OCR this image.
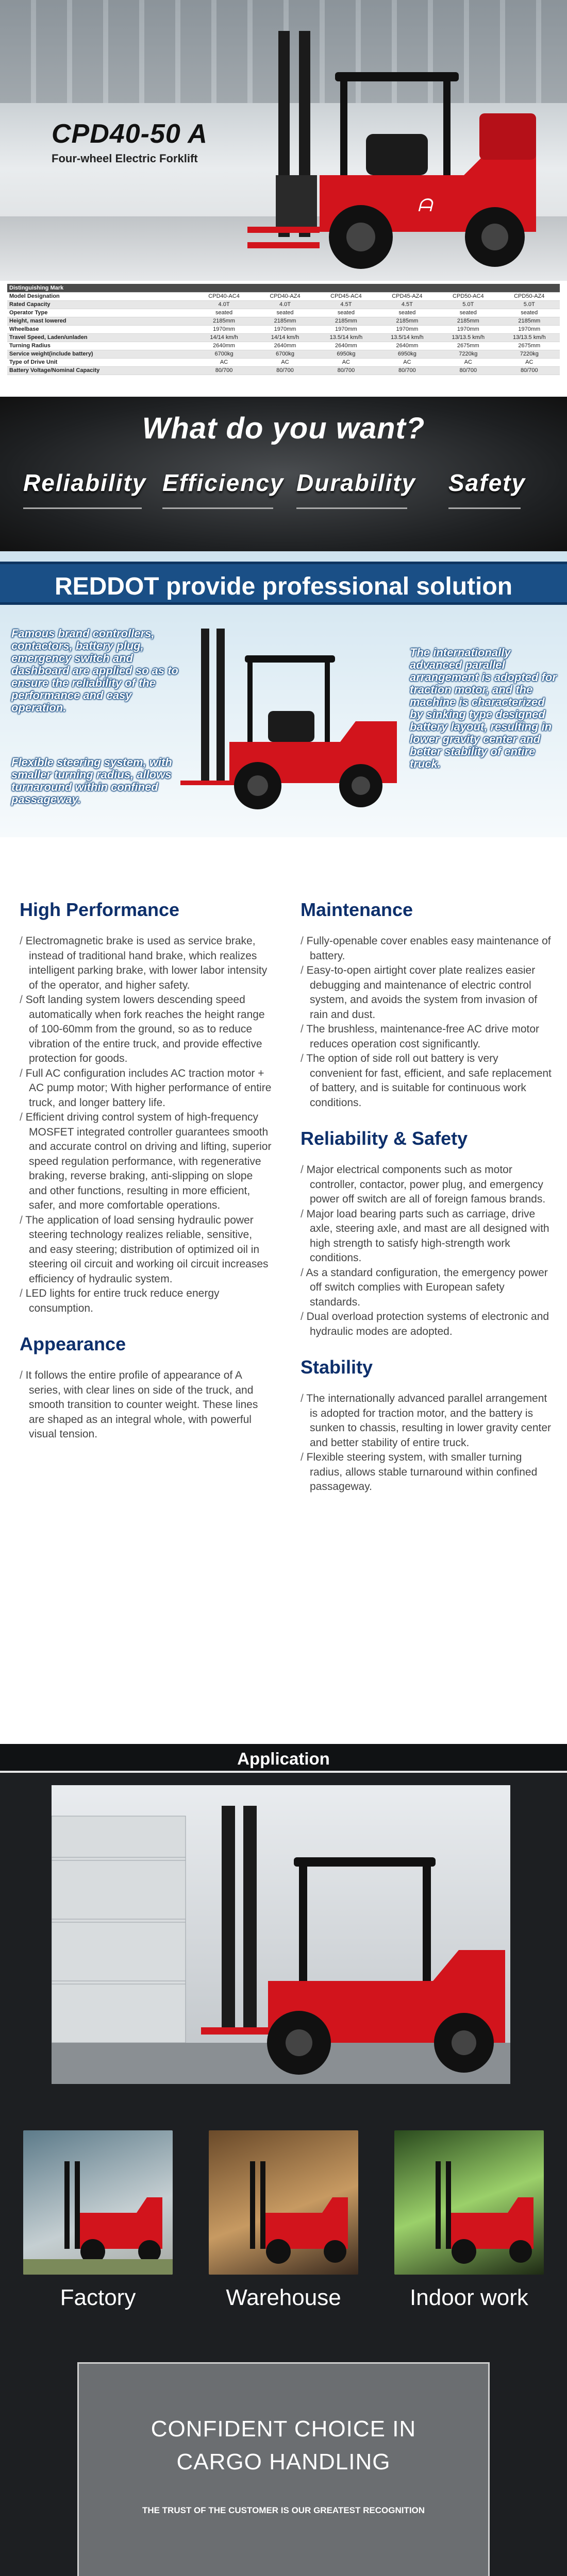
CPD40-50 A
Four-wheel Electric Forklift
ᗩ
Distinguishing Mark						
Model Designation	CPD40-AC4	CPD40-AZ4	CPD45-AC4	CPD45-AZ4	CPD50-AC4	CPD50-AZ4
Rated Capacity	4.0T	4.0T	4.5T	4.5T	5.0T	5.0T
Operator Type	seated	seated	seated	seated	seated	seated
Height, mast lowered	2185mm	2185mm	2185mm	2185mm	2185mm	2185mm
Wheelbase	1970mm	1970mm	1970mm	1970mm	1970mm	1970mm
Travel Speed, Laden/unladen	14/14 km/h	14/14 km/h	13.5/14 km/h	13.5/14 km/h	13/13.5 km/h	13/13.5 km/h
Turning Radius	2640mm	2640mm	2640mm	2640mm	2675mm	2675mm
Service weight(include battery)	6700kg	6700kg	6950kg	6950kg	7220kg	7220kg
Type of Drive Unit	AC	AC	AC	AC	AC	AC
Battery Voltage/Nominal Capacity	80/700	80/700	80/700	80/700	80/700	80/700
What do you want?
Reliability Efficiency Durability Safety
REDDOT provide professional solution
Famous brand controllers, contactors, battery plug, emergency switch and dashboard are applied so as to ensure the reliability of the performance and easy operation.
Flexible steering system, with smaller turning radius, allows turnaround within confined passageway.
The internationally advanced parallel arrangement is adopted for traction motor, and the machine is characterized by sinking type designed battery layout, resulting in lower gravity center and better stability of entire truck.
High Performance
/ Electromagnetic brake is used as service brake, instead of traditional hand brake, which realizes intelligent parking brake, with lower labor intensity of the operator, and higher safety.
/ Soft landing system lowers descending speed automatically when fork reaches the height range of 100-60mm from the ground, so as to reduce vibration of the entire truck, and provide effective protection for goods.
/ Full AC configuration includes AC traction motor + AC pump motor; With higher performance of entire truck, and longer battery life.
/ Efficient driving control system of high-frequency MOSFET integrated controller guarantees smooth and accurate control on driving and lifting, superior speed regulation performance, with regenerative braking, reverse braking, anti-slipping on slope and other functions, resulting in more efficient, safer, and more comfortable operations.
/ The application of load sensing hydraulic power steering technology realizes reliable, sensitive, and easy steering; distribution of optimized oil in steering oil circuit and working oil circuit increases efficiency of hydraulic system.
/ LED lights for entire truck reduce energy consumption.
Appearance
/ It follows the entire profile of appearance of A series, with clear lines on side of the truck, and smooth transition to counter weight. These lines are shaped as an integral whole, with powerful visual tension.
Maintenance
/ Fully-openable cover enables easy maintenance of battery.
/ Easy-to-open airtight cover plate realizes easier debugging and maintenance of electric control system, and avoids the system from invasion of rain and dust.
/ The brushless, maintenance-free AC drive motor reduces operation cost significantly.
/ The option of side roll out battery is very convenient for fast, efficient, and safe replacement of battery, and is suitable for continuous work conditions.
Reliability & Safety
/ Major electrical components such as motor controller, contactor, power plug, and emergency power off switch are all of foreign famous brands.
/ Major load bearing parts such as carriage, drive axle, steering axle, and mast are all designed with high strength to satisfy high-strength work conditions.
/ As a standard configuration, the emergency power off switch complies with European safety standards.
/ Dual overload protection systems of electronic and hydraulic modes are adopted.
Stability
/ The internationally advanced parallel arrangement is adopted for traction motor, and the battery is sunken to chassis, resulting in lower gravity center and better stability of entire truck.
/ Flexible steering system, with smaller turning radius, allows stable turnaround within confined passageway.
Application
Factory	Warehouse	Indoor work
CONFIDENT CHOICE IN
CARGO HANDLING
THE TRUST OF THE CUSTOMER IS OUR GREATEST RECOGNITION
